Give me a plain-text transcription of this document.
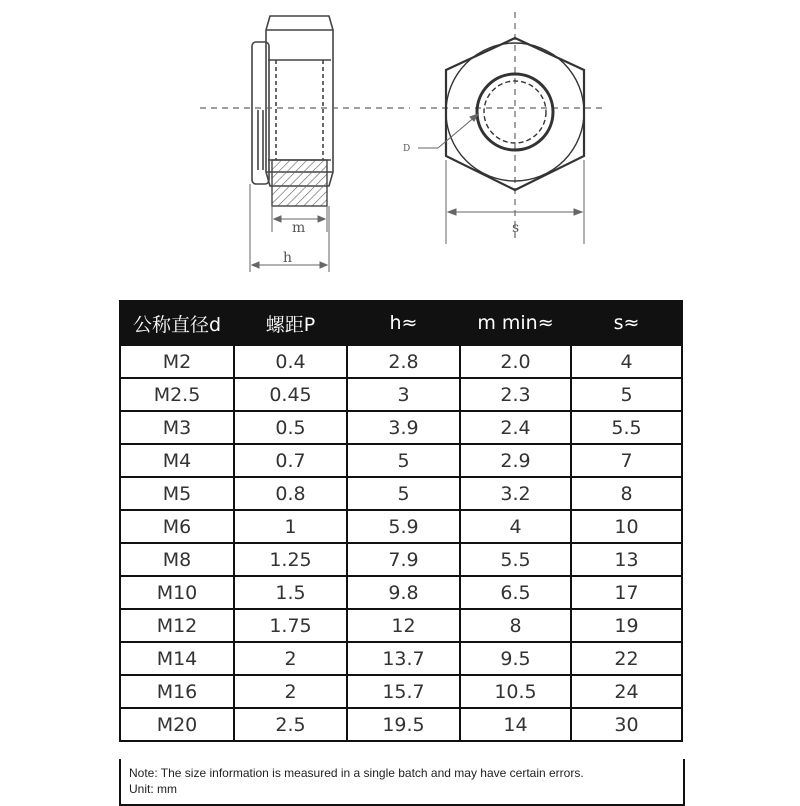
m
h
D
s
公称直径d	螺距P	h≈	m min≈	s≈
M2	0.4	2.8	2.0	4
M2.5	0.45	3	2.3	5
M3	0.5	3.9	2.4	5.5
M4	0.7	5	2.9	7
M5	0.8	5	3.2	8
M6	1	5.9	4	10
M8	1.25	7.9	5.5	13
M10	1.5	9.8	6.5	17
M12	1.75	12	8	19
M14	2	13.7	9.5	22
M16	2	15.7	10.5	24
M20	2.5	19.5	14	30
Note: The size information is measured in a single batch and may have certain errors.
Unit: mm
